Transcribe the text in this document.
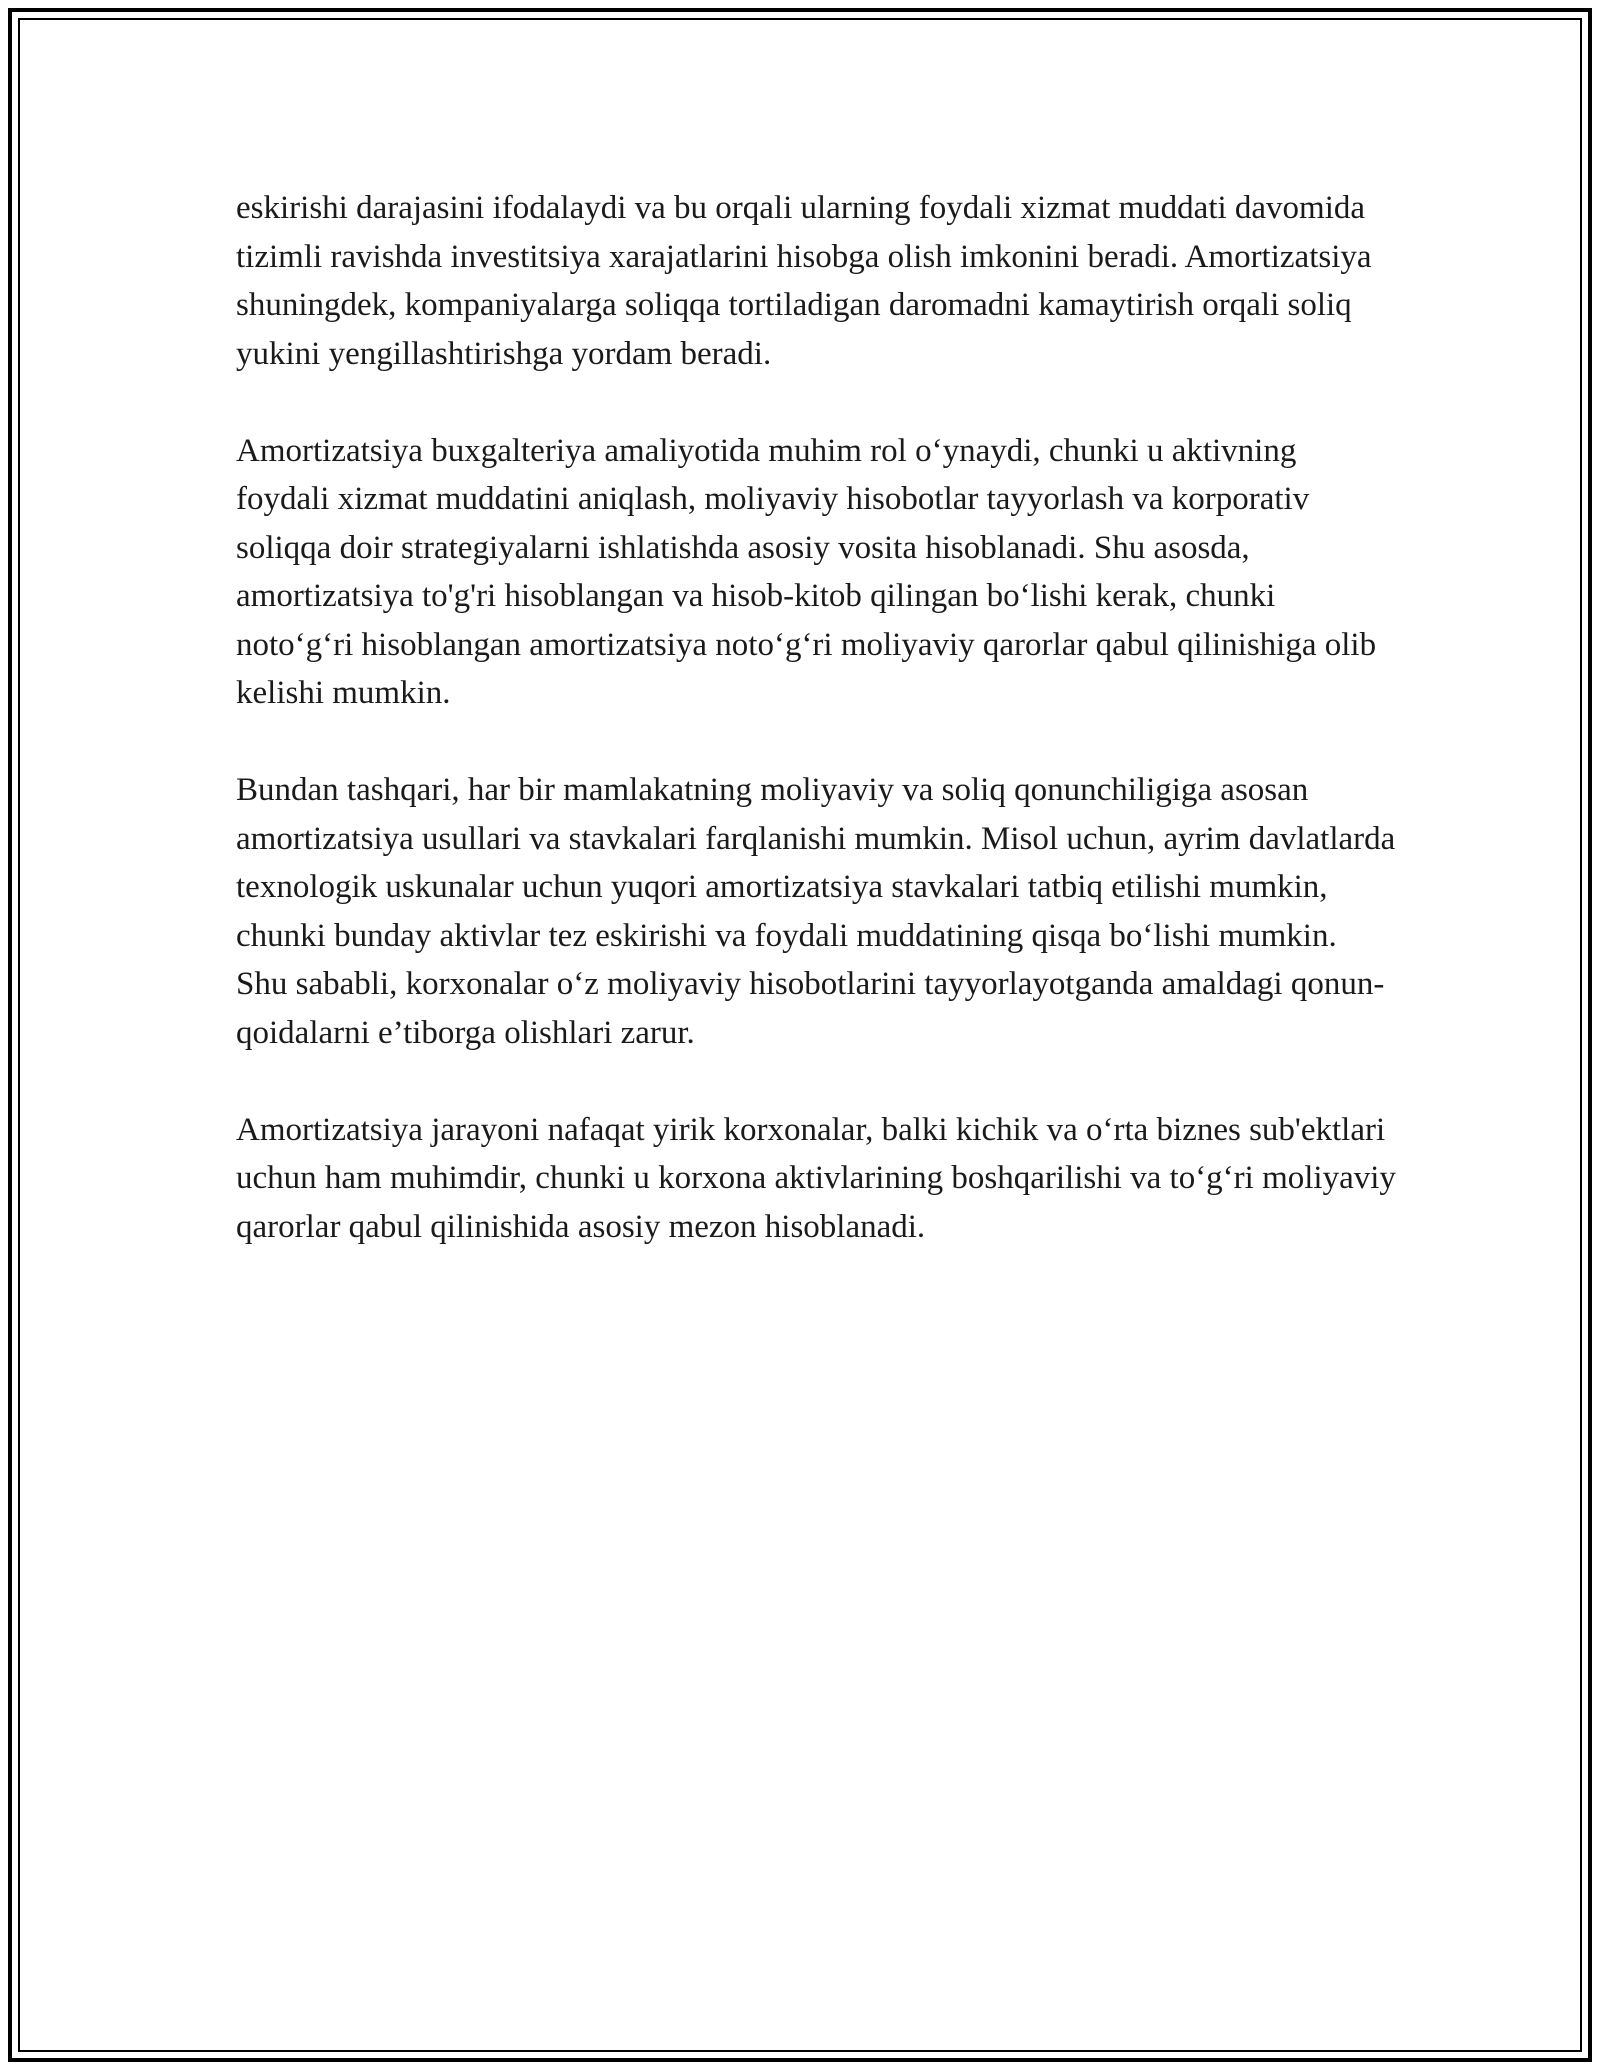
eskirishi darajasini ifodalaydi va bu orqali ularning foydali xizmat muddati davomida tizimli ravishda investitsiya xarajatlarini hisobga olish imkonini beradi. Amortizatsiya shuningdek, kompaniyalarga soliqqa tortiladigan daromadni kamaytirish orqali soliq yukini yengillashtirishga yordam beradi.

Amortizatsiya buxgalteriya amaliyotida muhim rol o‘ynaydi, chunki u aktivning foydali xizmat muddatini aniqlash, moliyaviy hisobotlar tayyorlash va korporativ soliqqa doir strategiyalarni ishlatishda asosiy vosita hisoblanadi. Shu asosda, amortizatsiya to'g'ri hisoblangan va hisob-kitob qilingan bo‘lishi kerak, chunki noto‘g‘ri hisoblangan amortizatsiya noto‘g‘ri moliyaviy qarorlar qabul qilinishiga olib kelishi mumkin.

Bundan tashqari, har bir mamlakatning moliyaviy va soliq qonunchiligiga asosan amortizatsiya usullari va stavkalari farqlanishi mumkin. Misol uchun, ayrim davlatlarda texnologik uskunalar uchun yuqori amortizatsiya stavkalari tatbiq etilishi mumkin, chunki bunday aktivlar tez eskirishi va foydali muddatining qisqa bo‘lishi mumkin. Shu sababli, korxonalar o‘z moliyaviy hisobotlarini tayyorlayotganda amaldagi qonun-qoidalarni e’tiborga olishlari zarur.

Amortizatsiya jarayoni nafaqat yirik korxonalar, balki kichik va o‘rta biznes sub'ektlari uchun ham muhimdir, chunki u korxona aktivlarining boshqarilishi va to‘g‘ri moliyaviy qarorlar qabul qilinishida asosiy mezon hisoblanadi.
